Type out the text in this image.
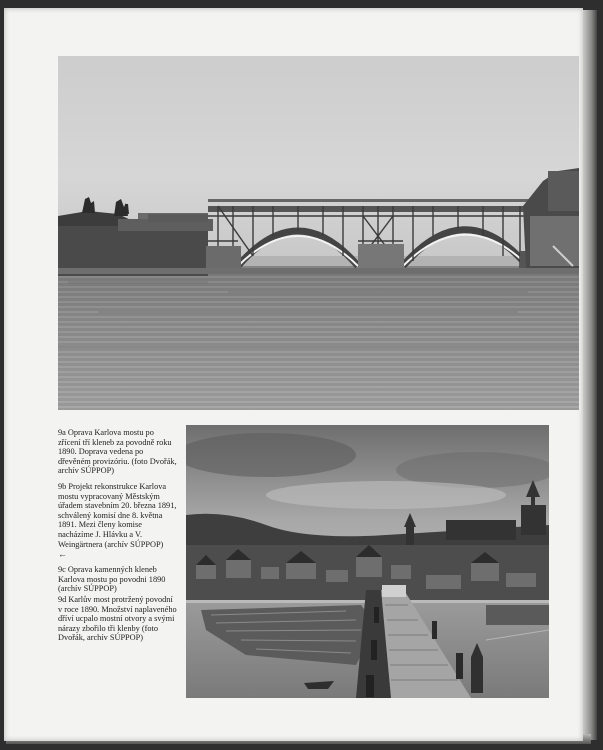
9a Oprava Karlova mostu po zřícení tří kleneb za povodně roku 1890. Doprava vedena po dřevěném provizóriu. (foto Dvořák, archív SÚPPOP)

9b Projekt rekonstrukce Karlova mostu vypracovaný Městským úřadem stavebním 20. března 1891, schválený komisí dne 8. května 1891. Mezi členy komise nacházíme J. Hlávku a V. Weingärtnera (archív SÚPPOP)
←

9c Oprava kamenných kleneb Karlova mostu po povodni 1890 (archív SÚPPOP)

9d Karlův most protržený povodní v roce 1890. Množství naplaveného dříví ucpalo mostní otvory a svými nárazy zbořilo tři klenby (foto Dvořák, archív SÚPPOP)
